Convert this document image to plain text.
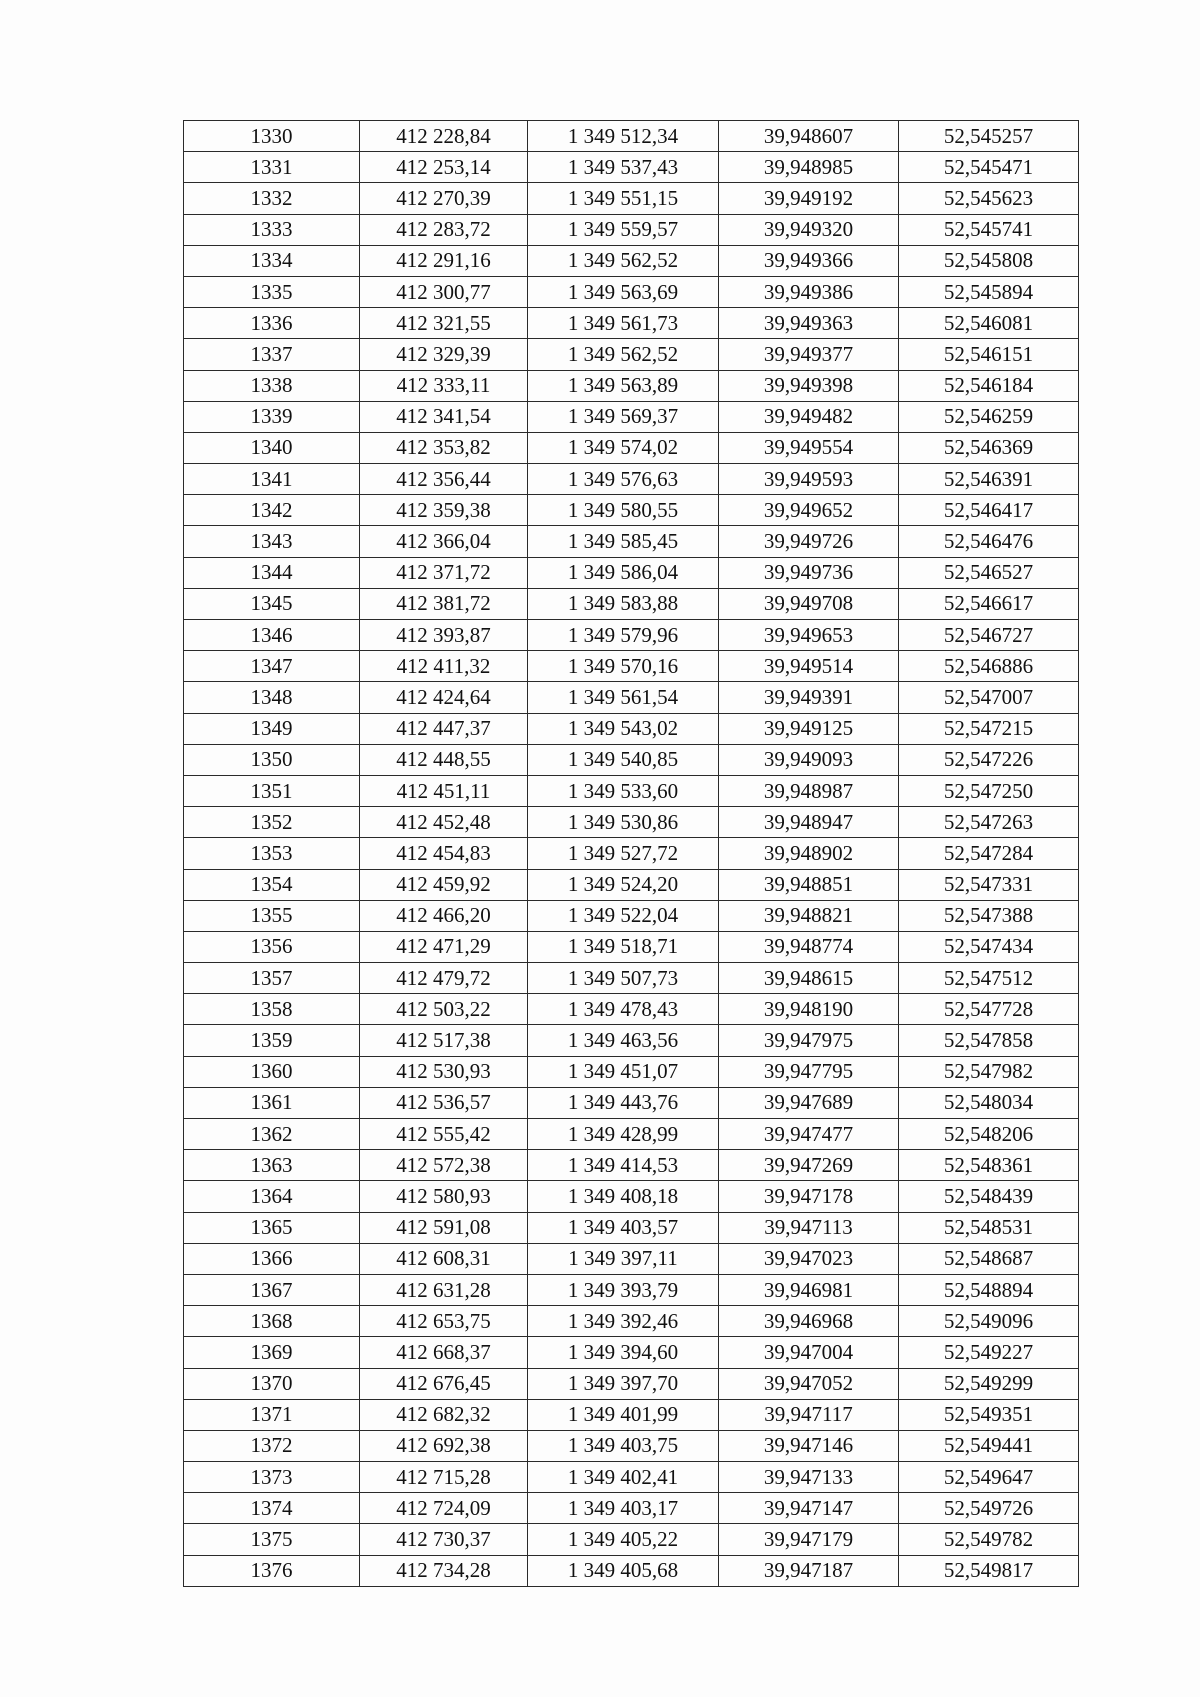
1330	412 228,84	1 349 512,34	39,948607	52,545257
1331	412 253,14	1 349 537,43	39,948985	52,545471
1332	412 270,39	1 349 551,15	39,949192	52,545623
1333	412 283,72	1 349 559,57	39,949320	52,545741
1334	412 291,16	1 349 562,52	39,949366	52,545808
1335	412 300,77	1 349 563,69	39,949386	52,545894
1336	412 321,55	1 349 561,73	39,949363	52,546081
1337	412 329,39	1 349 562,52	39,949377	52,546151
1338	412 333,11	1 349 563,89	39,949398	52,546184
1339	412 341,54	1 349 569,37	39,949482	52,546259
1340	412 353,82	1 349 574,02	39,949554	52,546369
1341	412 356,44	1 349 576,63	39,949593	52,546391
1342	412 359,38	1 349 580,55	39,949652	52,546417
1343	412 366,04	1 349 585,45	39,949726	52,546476
1344	412 371,72	1 349 586,04	39,949736	52,546527
1345	412 381,72	1 349 583,88	39,949708	52,546617
1346	412 393,87	1 349 579,96	39,949653	52,546727
1347	412 411,32	1 349 570,16	39,949514	52,546886
1348	412 424,64	1 349 561,54	39,949391	52,547007
1349	412 447,37	1 349 543,02	39,949125	52,547215
1350	412 448,55	1 349 540,85	39,949093	52,547226
1351	412 451,11	1 349 533,60	39,948987	52,547250
1352	412 452,48	1 349 530,86	39,948947	52,547263
1353	412 454,83	1 349 527,72	39,948902	52,547284
1354	412 459,92	1 349 524,20	39,948851	52,547331
1355	412 466,20	1 349 522,04	39,948821	52,547388
1356	412 471,29	1 349 518,71	39,948774	52,547434
1357	412 479,72	1 349 507,73	39,948615	52,547512
1358	412 503,22	1 349 478,43	39,948190	52,547728
1359	412 517,38	1 349 463,56	39,947975	52,547858
1360	412 530,93	1 349 451,07	39,947795	52,547982
1361	412 536,57	1 349 443,76	39,947689	52,548034
1362	412 555,42	1 349 428,99	39,947477	52,548206
1363	412 572,38	1 349 414,53	39,947269	52,548361
1364	412 580,93	1 349 408,18	39,947178	52,548439
1365	412 591,08	1 349 403,57	39,947113	52,548531
1366	412 608,31	1 349 397,11	39,947023	52,548687
1367	412 631,28	1 349 393,79	39,946981	52,548894
1368	412 653,75	1 349 392,46	39,946968	52,549096
1369	412 668,37	1 349 394,60	39,947004	52,549227
1370	412 676,45	1 349 397,70	39,947052	52,549299
1371	412 682,32	1 349 401,99	39,947117	52,549351
1372	412 692,38	1 349 403,75	39,947146	52,549441
1373	412 715,28	1 349 402,41	39,947133	52,549647
1374	412 724,09	1 349 403,17	39,947147	52,549726
1375	412 730,37	1 349 405,22	39,947179	52,549782
1376	412 734,28	1 349 405,68	39,947187	52,549817
